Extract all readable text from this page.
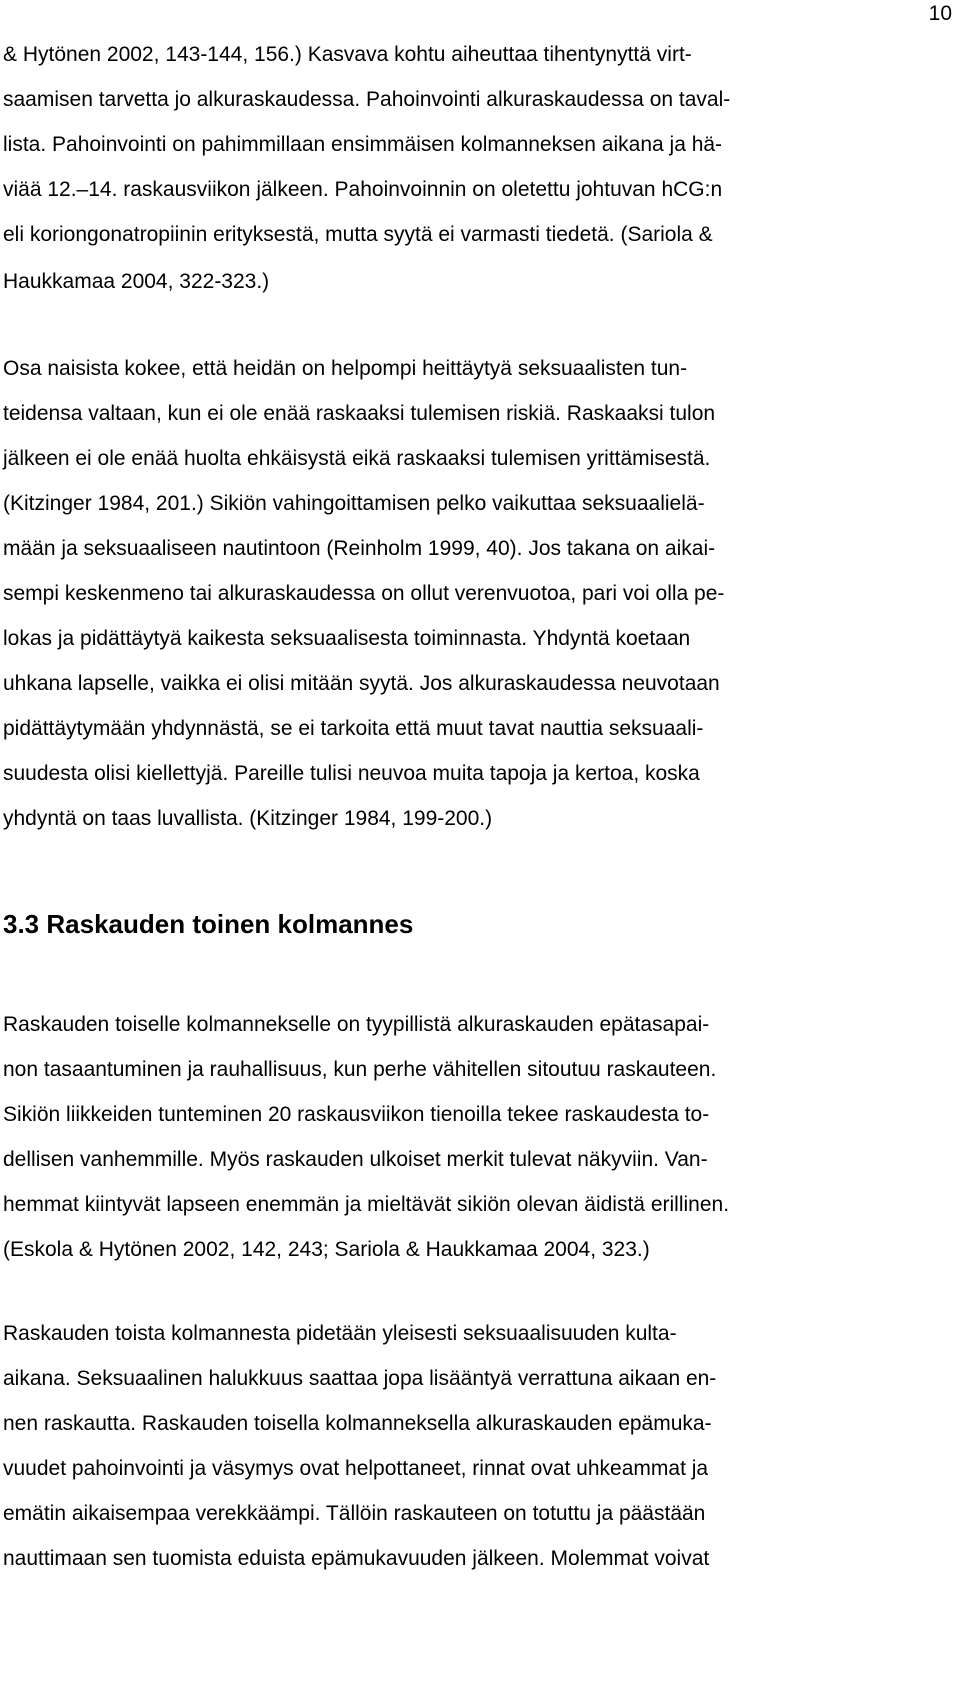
10
& Hytönen 2002, 143-144, 156.) Kasvava kohtu aiheuttaa tihentynyttä virt-
saamisen tarvetta jo alkuraskaudessa. Pahoinvointi alkuraskaudessa on taval-
lista. Pahoinvointi on pahimmillaan ensimmäisen kolmanneksen aikana ja hä-
viää 12.–14. raskausviikon jälkeen. Pahoinvoinnin on oletettu johtuvan hCG:n
eli koriongonatropiinin erityksestä, mutta syytä ei varmasti tiedetä. (Sariola &
Haukkamaa 2004, 322-323.)
Osa naisista kokee, että heidän on helpompi heittäytyä seksuaalisten tun-
teidensa valtaan, kun ei ole enää raskaaksi tulemisen riskiä. Raskaaksi tulon
jälkeen ei ole enää huolta ehkäisystä eikä raskaaksi tulemisen yrittämisestä.
(Kitzinger 1984, 201.) Sikiön vahingoittamisen pelko vaikuttaa seksuaalielä-
mään ja seksuaaliseen nautintoon (Reinholm 1999, 40). Jos takana on aikai-
sempi keskenmeno tai alkuraskaudessa on ollut verenvuotoa, pari voi olla pe-
lokas ja pidättäytyä kaikesta seksuaalisesta toiminnasta. Yhdyntä koetaan
uhkana lapselle, vaikka ei olisi mitään syytä. Jos alkuraskaudessa neuvotaan
pidättäytymään yhdynnästä, se ei tarkoita että muut tavat nauttia seksuaali-
suudesta olisi kiellettyjä. Pareille tulisi neuvoa muita tapoja ja kertoa, koska
yhdyntä on taas luvallista. (Kitzinger 1984, 199-200.)
3.3 Raskauden toinen kolmannes
Raskauden toiselle kolmannekselle on tyypillistä alkuraskauden epätasapai-
non tasaantuminen ja rauhallisuus, kun perhe vähitellen sitoutuu raskauteen.
Sikiön liikkeiden tunteminen 20 raskausviikon tienoilla tekee raskaudesta to-
dellisen vanhemmille. Myös raskauden ulkoiset merkit tulevat näkyviin. Van-
hemmat kiintyvät lapseen enemmän ja mieltävät sikiön olevan äidistä erillinen.
(Eskola & Hytönen 2002, 142, 243; Sariola & Haukkamaa 2004, 323.)
Raskauden toista kolmannesta pidetään yleisesti seksuaalisuuden kulta-
aikana. Seksuaalinen halukkuus saattaa jopa lisääntyä verrattuna aikaan en-
nen raskautta. Raskauden toisella kolmanneksella alkuraskauden epämuka-
vuudet pahoinvointi ja väsymys ovat helpottaneet, rinnat ovat uhkeammat ja
emätin aikaisempaa verekkäämpi. Tällöin raskauteen on totuttu ja päästään
nauttimaan sen tuomista eduista epämukavuuden jälkeen. Molemmat voivat
